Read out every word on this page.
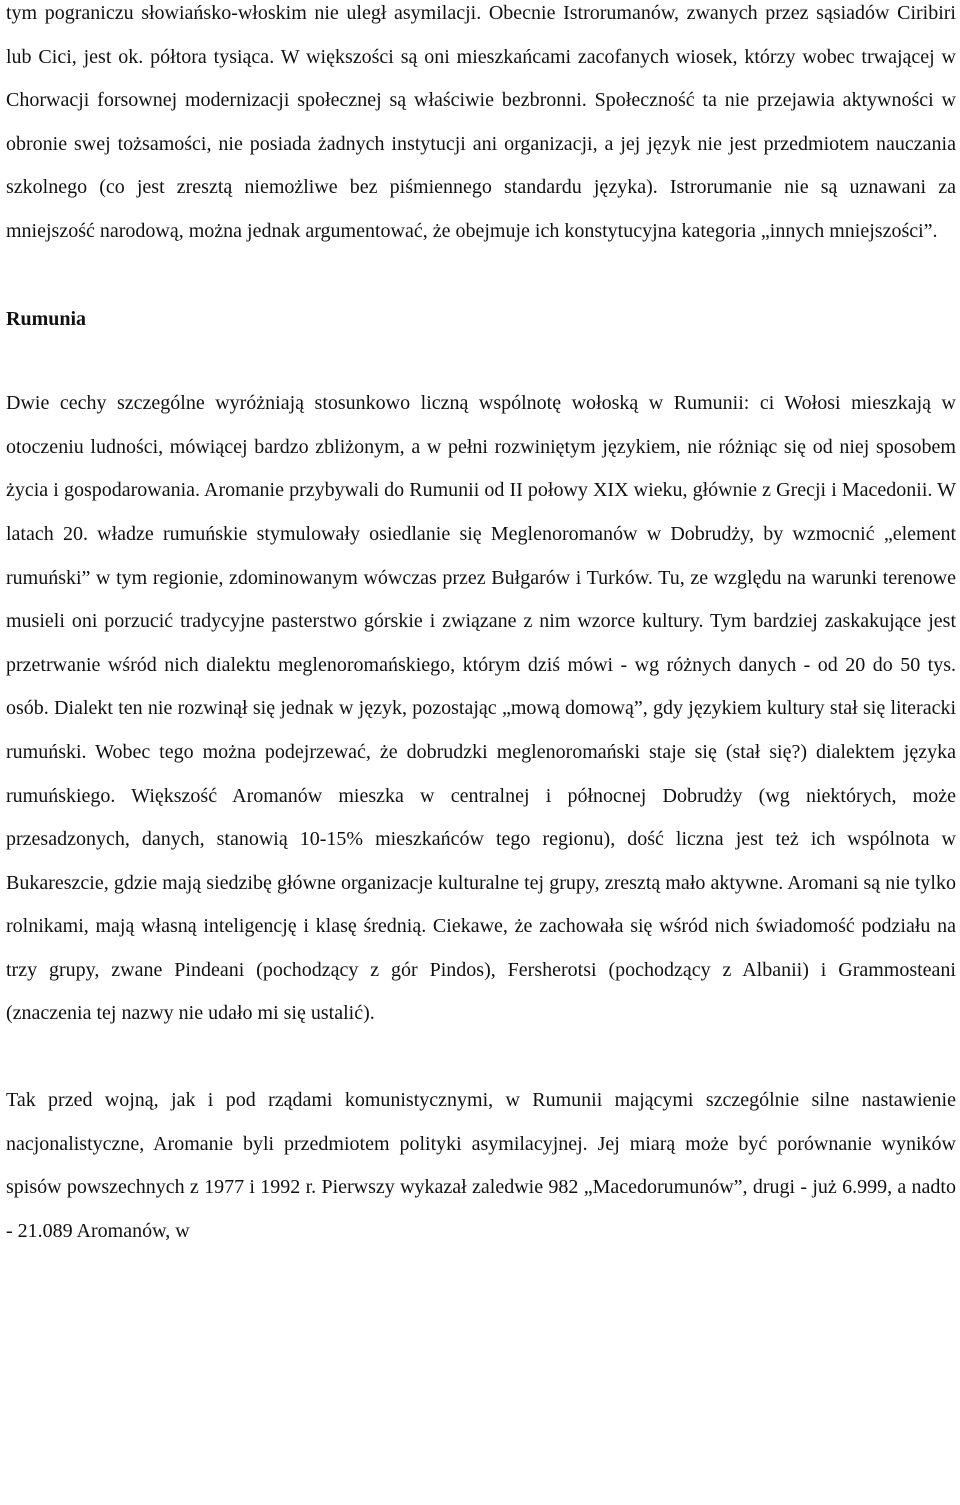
tym pograniczu słowiańsko-włoskim nie uległ asymilacji. Obecnie Istrorumanów, zwanych przez sąsiadów Ciribiri lub Cici, jest ok. półtora tysiąca. W większości są oni mieszkańcami zacofanych wiosek, którzy wobec trwającej w Chorwacji forsownej modernizacji społecznej są właściwie bezbronni. Społeczność ta nie przejawia aktywności w obronie swej tożsamości, nie posiada żadnych instytucji ani organizacji, a jej język nie jest przedmiotem nauczania szkolnego (co jest zresztą niemożliwe bez piśmiennego standardu języka). Istrorumanie nie są uznawani za mniejszość narodową, można jednak argumentować, że obejmuje ich konstytucyjna kategoria „innych mniejszości”.

Rumunia

Dwie cechy szczególne wyróżniają stosunkowo liczną wspólnotę wołoską w Rumunii: ci Wołosi mieszkają w otoczeniu ludności, mówiącej bardzo zbliżonym, a w pełni rozwiniętym językiem, nie różniąc się od niej sposobem życia i gospodarowania. Aromanie przybywali do Rumunii od II połowy XIX wieku, głównie z Grecji i Macedonii. W latach 20. władze rumuńskie stymulowały osiedlanie się Meglenoromanów w Dobrudży, by wzmocnić „element rumuński” w tym regionie, zdominowanym wówczas przez Bułgarów i Turków. Tu, ze względu na warunki terenowe musieli oni porzucić tradycyjne pasterstwo górskie i związane z nim wzorce kultury. Tym bardziej zaskakujące jest przetrwanie wśród nich dialektu meglenoromańskiego, którym dziś mówi - wg różnych danych - od 20 do 50 tys. osób. Dialekt ten nie rozwinął się jednak w język, pozostając „mową domową”, gdy językiem kultury stał się literacki rumuński. Wobec tego można podejrzewać, że dobrudzki meglenoromański staje się (stał się?) dialektem języka rumuńskiego. Większość Aromanów mieszka w centralnej i północnej Dobrudży (wg niektórych, może przesadzonych, danych, stanowią 10-15% mieszkańców tego regionu), dość liczna jest też ich wspólnota w Bukareszcie, gdzie mają siedzibę główne organizacje kulturalne tej grupy, zresztą mało aktywne. Aromani są nie tylko rolnikami, mają własną inteligencję i klasę średnią. Ciekawe, że zachowała się wśród nich świadomość podziału na trzy grupy, zwane Pindeani (pochodzący z gór Pindos), Fersherotsi (pochodzący z Albanii) i Grammosteani (znaczenia tej nazwy nie udało mi się ustalić).

Tak przed wojną, jak i pod rządami komunistycznymi, w Rumunii mającymi szczególnie silne nastawienie nacjonalistyczne, Aromanie byli przedmiotem polityki asymilacyjnej. Jej miarą może być porównanie wyników spisów powszechnych z 1977 i 1992 r. Pierwszy wykazał zaledwie 982 „Macedorumunów”, drugi - już 6.999, a nadto - 21.089 Aromanów, w
